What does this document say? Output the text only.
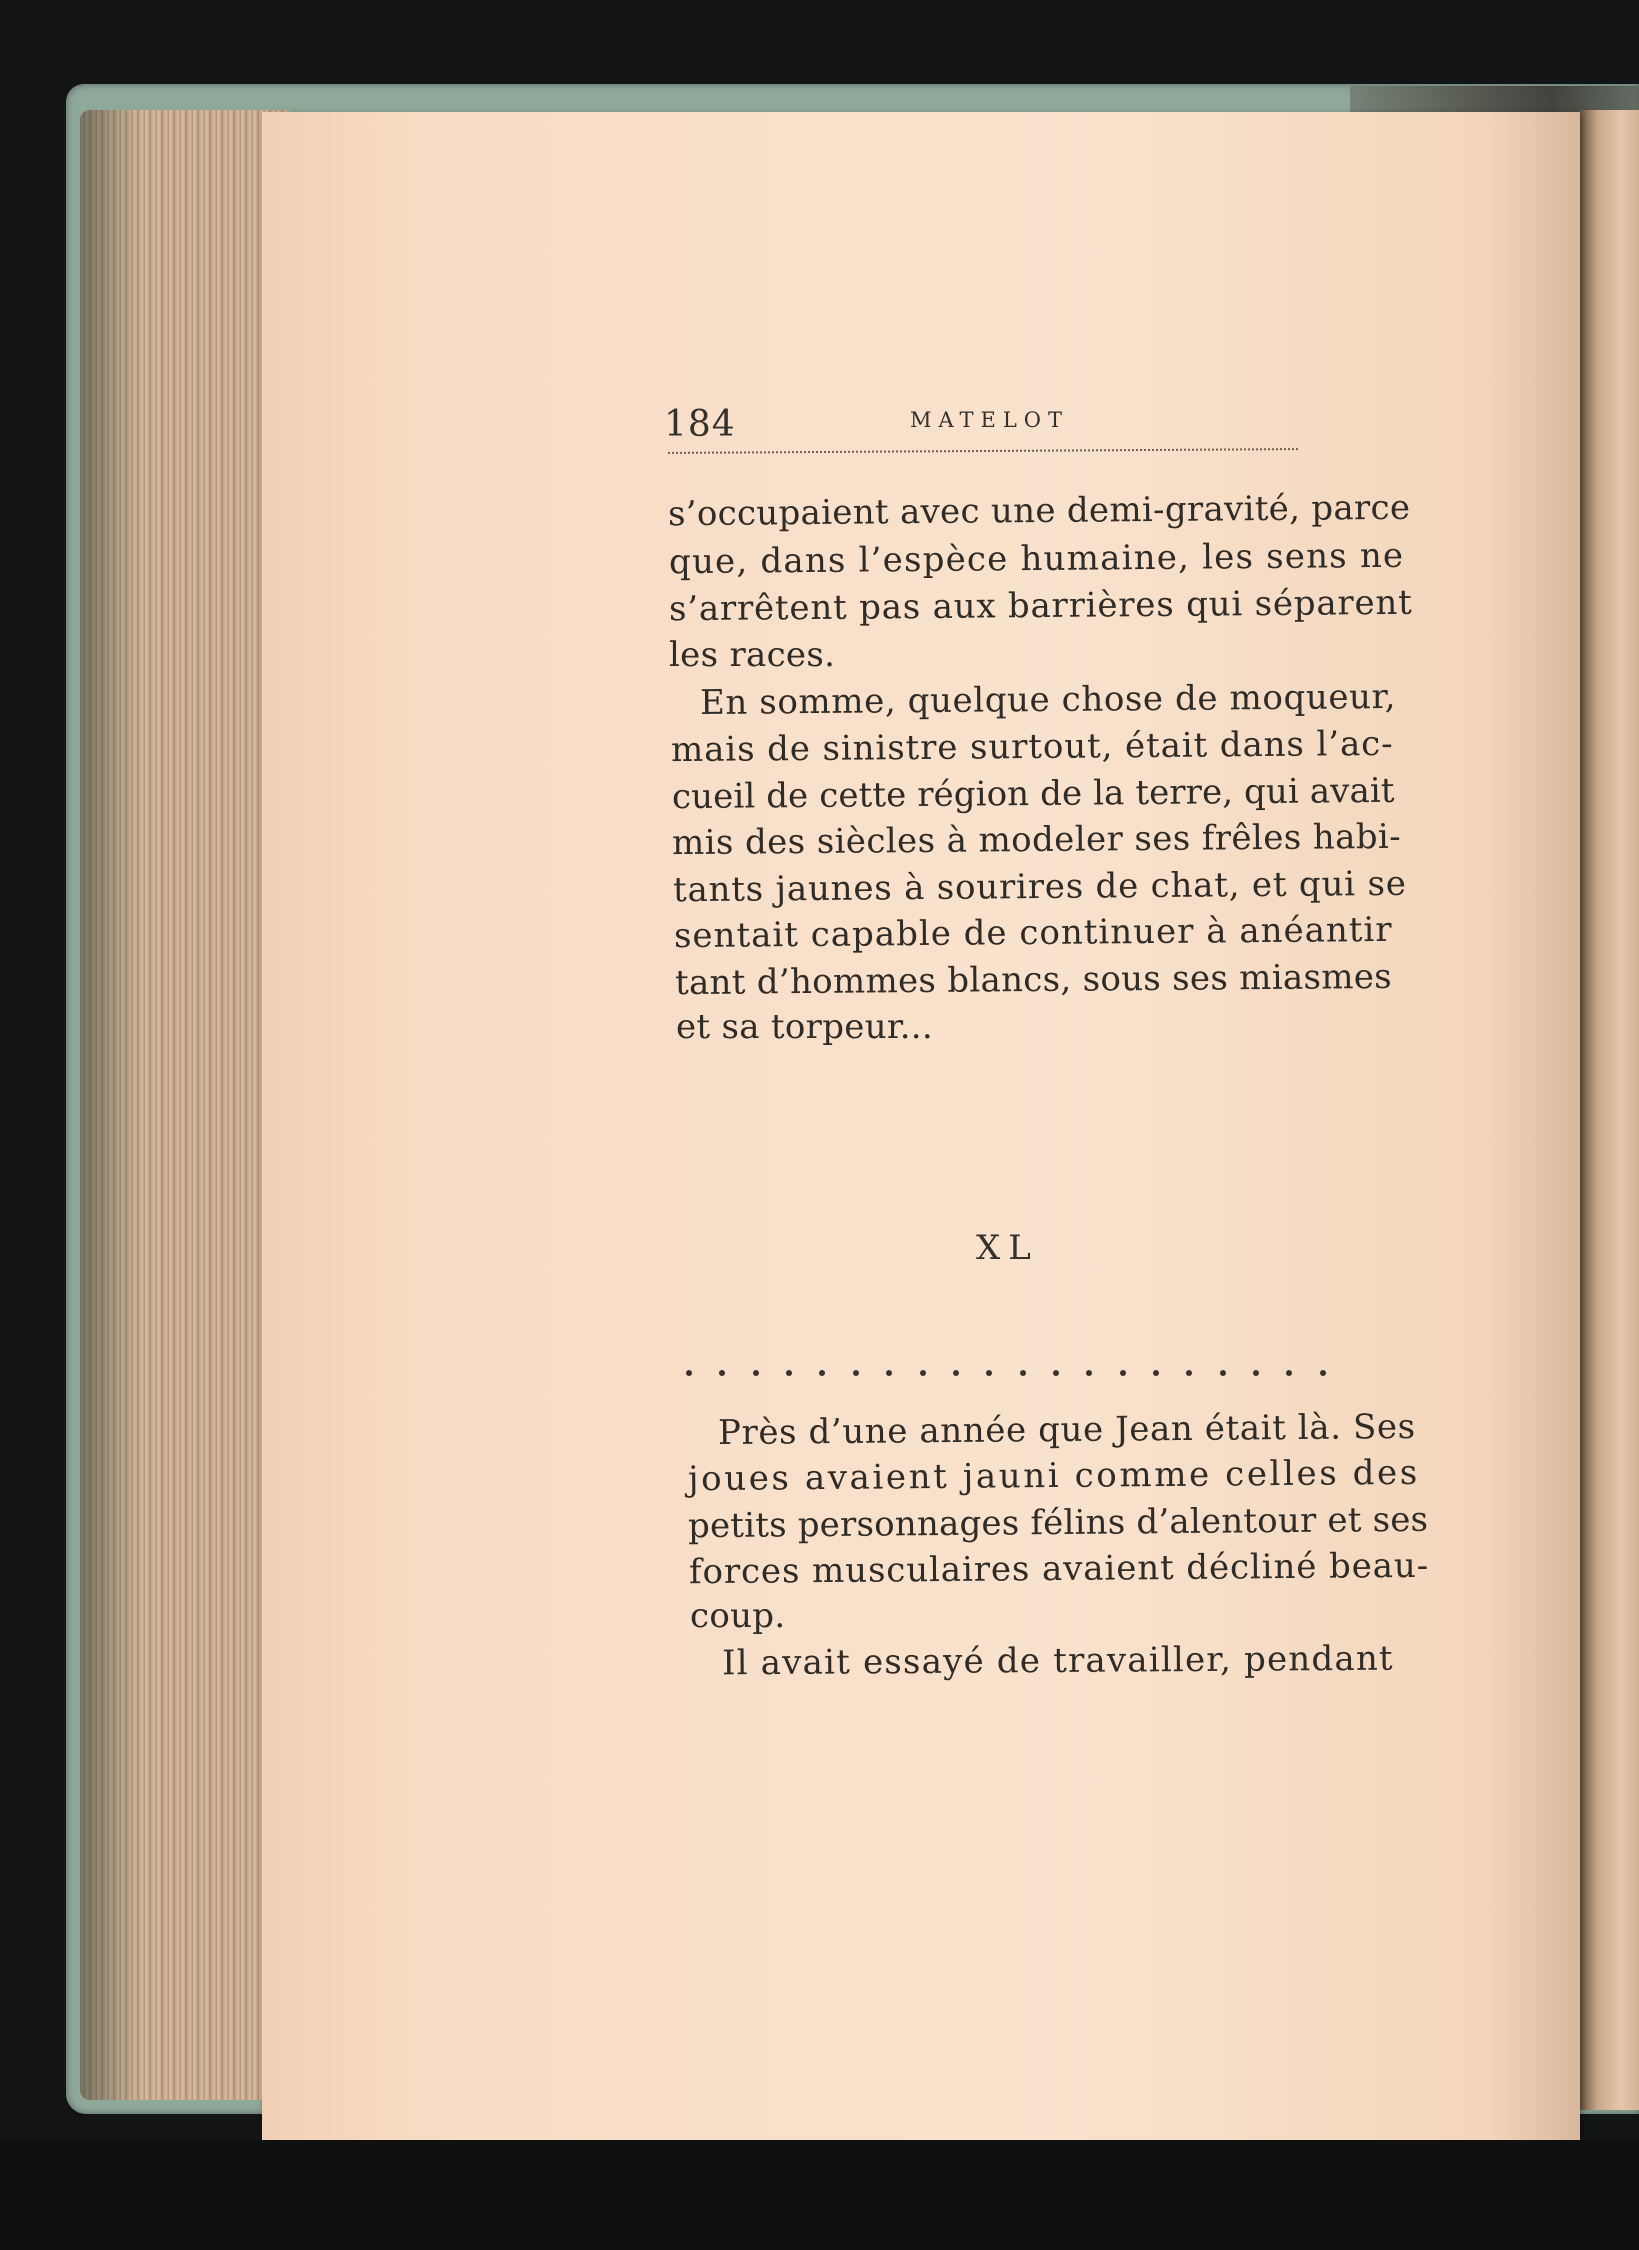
184	MATELOT
s’occupaient avec une demi-gravité, parce
que, dans l’espèce humaine, les sens ne
s’arrêtent pas aux barrières qui séparent
les races.
En somme, quelque chose de moqueur,
mais de sinistre surtout, était dans l’ac-
cueil de cette région de la terre, qui avait
mis des siècles à modeler ses frêles habi-
tants jaunes à sourires de chat, et qui se
sentait capable de continuer à anéantir
tant d’hommes blancs, sous ses miasmes
et sa torpeur...
XL
Près d’une année que Jean était là. Ses
joues avaient jauni comme celles des
petits personnages félins d’alentour et ses
forces musculaires avaient décliné beau-
coup.
Il avait essayé de travailler, pendant
